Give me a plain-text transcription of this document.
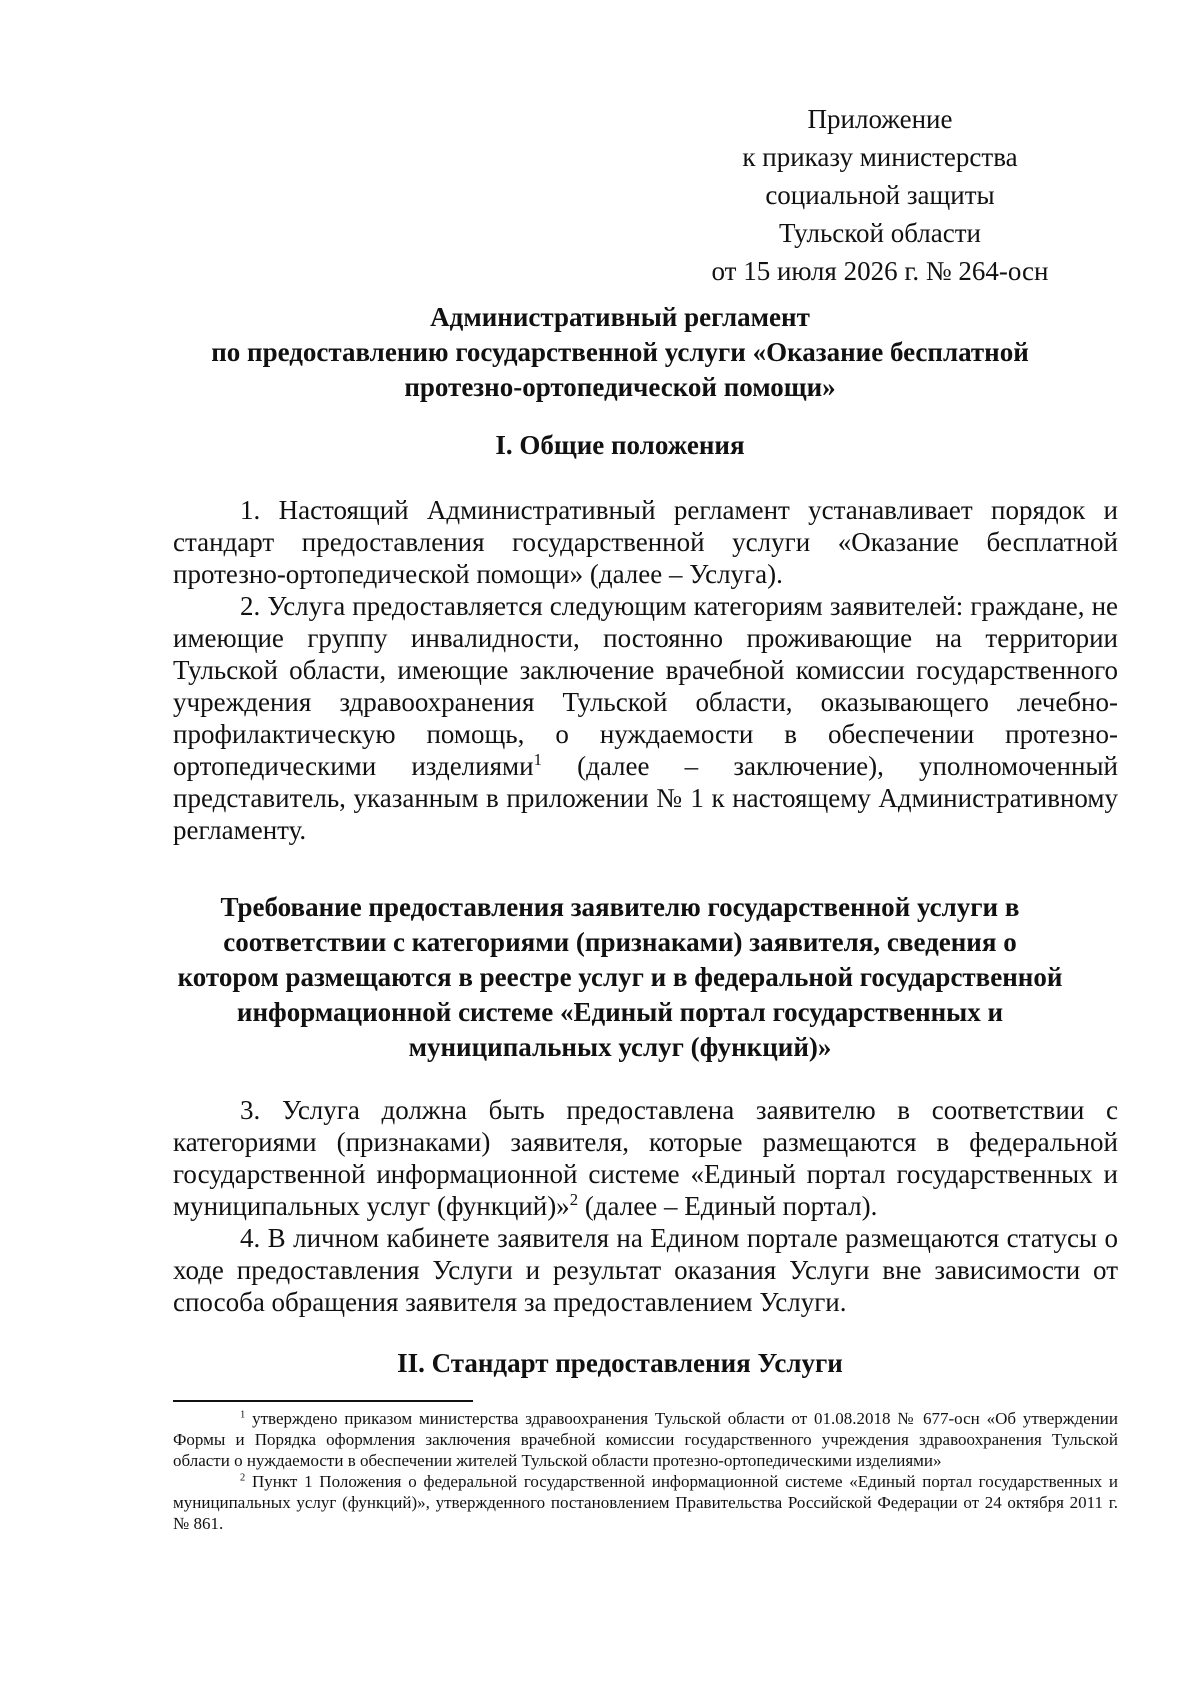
Приложение
к приказу министерства
социальной защиты
Тульской области
от 15 июля 2026 г. № 264-осн
Административный регламент
по предоставлению государственной услуги «Оказание бесплатной
протезно-ортопедической помощи»
I. Общие положения

1. Настоящий Административный регламент устанавливает порядок и стандарт предоставления государственной услуги «Оказание бесплатной протезно-ортопедической помощи» (далее – Услуга).

2. Услуга предоставляется следующим категориям заявителей: граждане, не имеющие группу инвалидности, постоянно проживающие на территории Тульской области, имеющие заключение врачебной комиссии государственного учреждения здравоохранения Тульской области, оказывающего лечебно-профилактическую помощь, о нуждаемости в обеспечении протезно-ортопедическими изделиями$^1$ (далее – заключение), уполномоченный представитель, указанным в приложении № 1 к настоящему Административному регламенту.

Требование предоставления заявителю государственной услуги в
соответствии с категориями (признаками) заявителя, сведения о
котором размещаются в реестре услуг и в федеральной государственной
информационной системе «Единый портал государственных и
муниципальных услуг (функций)»

3. Услуга должна быть предоставлена заявителю в соответствии с категориями (признаками) заявителя, которые размещаются в федеральной государственной информационной системе «Единый портал государственных и муниципальных услуг (функций)»$^2$ (далее – Единый портал).

4. В личном кабинете заявителя на Едином портале размещаются статусы о ходе предоставления Услуги и результат оказания Услуги вне зависимости от способа обращения заявителя за предоставлением Услуги.

II. Стандарт предоставления Услуги

$^1$ утверждено приказом министерства здравоохранения Тульской области от 01.08.2018 № 677-осн «Об утверждении Формы и Порядка оформления заключения врачебной комиссии государственного учреждения здравоохранения Тульской области о нуждаемости в обеспечении жителей Тульской области протезно-ортопедическими изделиями»

$^2$ Пункт 1 Положения о федеральной государственной информационной системе «Единый портал государственных и муниципальных услуг (функций)», утвержденного постановлением Правительства Российской Федерации от 24 октября 2011 г. № 861.
